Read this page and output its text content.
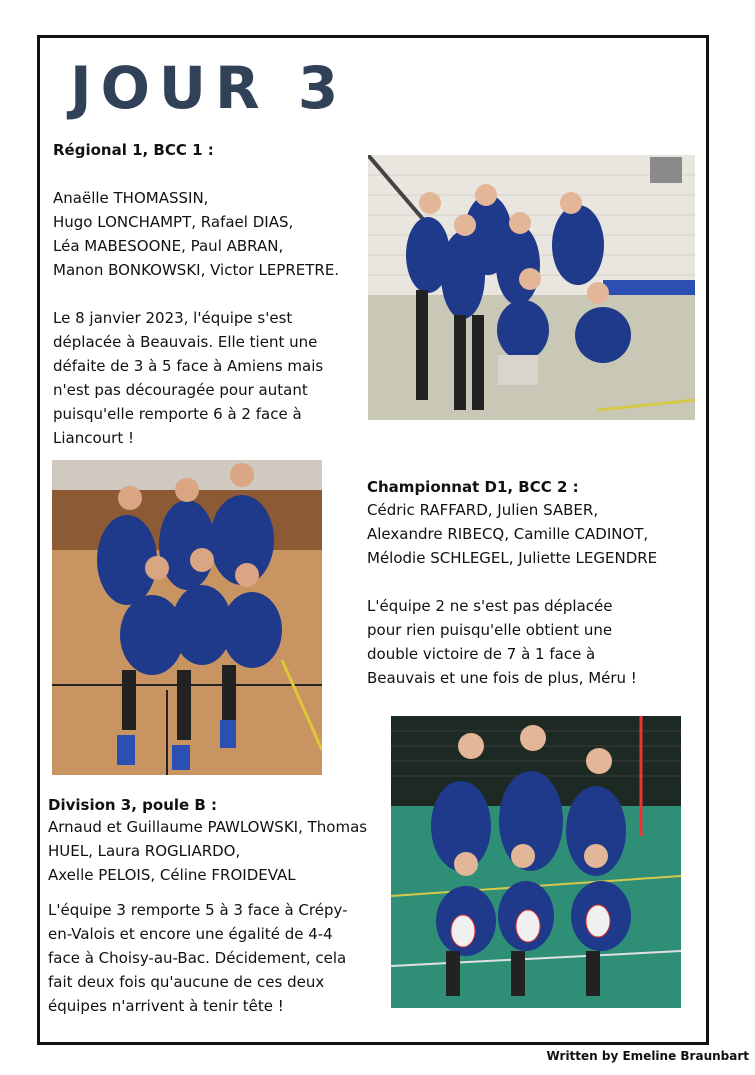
JOUR 3
Régional 1, BCC 1 :
Anaëlle THOMASSIN,
Hugo LONCHAMPT, Rafael DIAS,
Léa MABESOONE, Paul ABRAN,
Manon BONKOWSKI, Victor LEPRETRE.
Le 8 janvier 2023, l'équipe s'est
déplacée à Beauvais. Elle tient une
défaite de 3 à 5 face à Amiens mais
n'est pas découragée pour autant
puisqu'elle remporte 6 à 2 face à
Liancourt !
Championnat D1, BCC 2 :
Cédric RAFFARD, Julien SABER,
Alexandre RIBECQ, Camille CADINOT,
Mélodie SCHLEGEL, Juliette LEGENDRE
L'équipe 2 ne s'est pas déplacée
pour rien puisqu'elle obtient une
double victoire de 7 à 1 face à
Beauvais et une fois de plus, Méru !
Division 3, poule B :
Arnaud et Guillaume PAWLOWSKI, Thomas
HUEL, Laura ROGLIARDO,
Axelle PELOIS, Céline FROIDEVAL
L'équipe 3 remporte 5 à 3 face à Crépy-
en-Valois et encore une égalité de 4-4
face à Choisy-au-Bac. Décidement, cela
fait deux fois qu'aucune de ces deux
équipes n'arrivent à tenir tête !
Written by Emeline Braunbart
